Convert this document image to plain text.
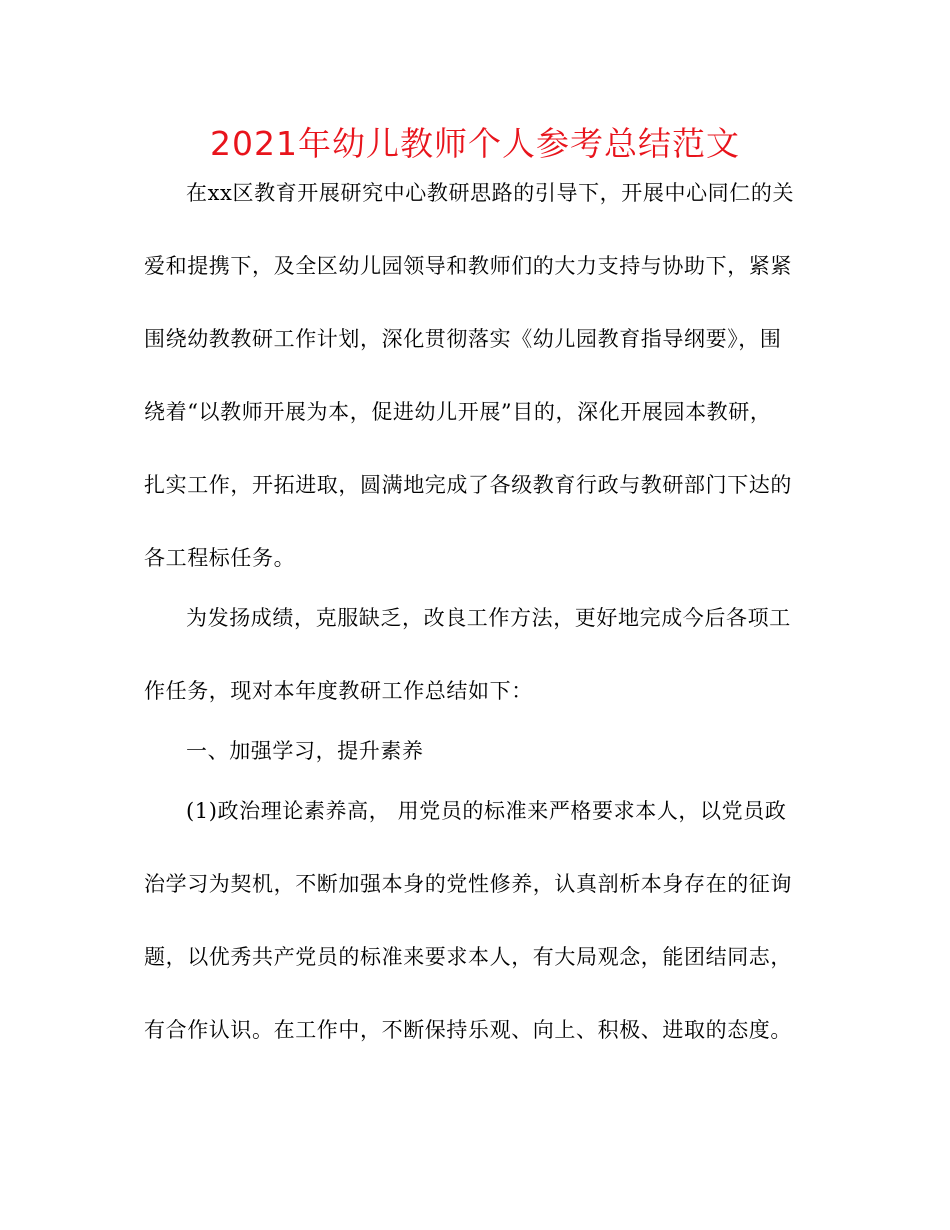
2021年幼儿教师个人参考总结范文
在xx区教育开展研究中心教研思路的引导下，开展中心同仁的关
爱和提携下，及全区幼儿园领导和教师们的大力支持与协助下，紧紧
围绕幼教教研工作计划，深化贯彻落实《幼儿园教育指导纲要》，围
绕着“以教师开展为本，促进幼儿开展”目的，深化开展园本教研，
扎实工作，开拓进取，圆满地完成了各级教育行政与教研部门下达的
各工程标任务。
为发扬成绩，克服缺乏，改良工作方法，更好地完成今后各项工
作任务，现对本年度教研工作总结如下：
一、加强学习，提升素养
(1)政治理论素养高， 用党员的标准来严格要求本人，以党员政
治学习为契机，不断加强本身的党性修养，认真剖析本身存在的征询
题，以优秀共产党员的标准来要求本人，有大局观念，能团结同志，
有合作认识。在工作中，不断保持乐观、向上、积极、进取的态度。
